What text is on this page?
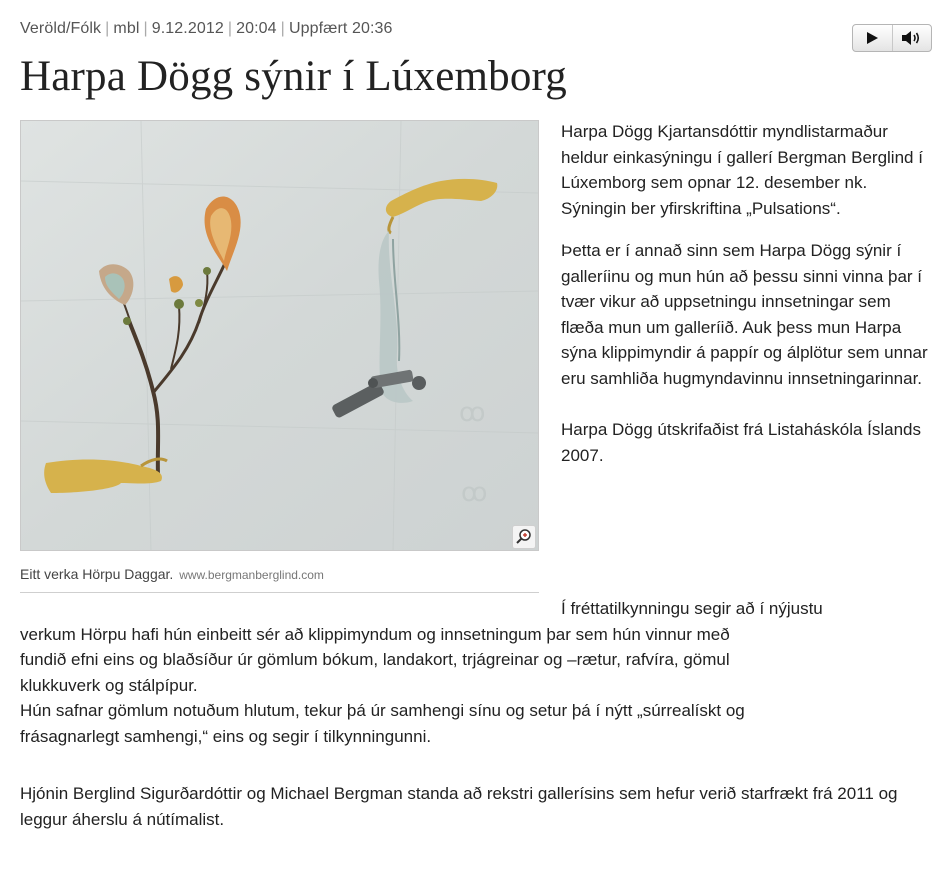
Veröld/Fólk | mbl | 9.12.2012 | 20:04 | Uppfært 20:36
Harpa Dögg sýnir í Lúxemborg
ꝏ
ꝏ
Eitt verka Hörpu Daggar. www.bergmanberglind.com

Harpa Dögg Kjartansdóttir myndlistarmaður heldur einkasýningu í gallerí Bergman Berglind í Lúxemborg sem opnar 12. desember nk. Sýningin ber yfirskriftina „Pulsations“.

Þetta er í annað sinn sem Harpa Dögg sýnir í galleríinu og mun hún að þessu sinni vinna þar í tvær vikur að uppsetningu innsetningar sem flæða mun um galleríið. Auk þess mun Harpa sýna klippimyndir á pappír og álplötur sem unnar eru samhliða hugmyndavinnu innsetningarinnar.

Harpa Dögg útskrifaðist frá Listaháskóla Íslands 2007.

Í fréttatilkynningu segir að í nýjustu
verkum Hörpu hafi hún einbeitt sér að klippimyndum og innsetningum þar sem hún vinnur með
fundið efni eins og blaðsíður úr gömlum bókum, landakort, trjágreinar og –rætur, rafvíra, gömul
klukkuverk og stálpípur.
Hún safnar gömlum notuðum hlutum, tekur þá úr samhengi sínu og setur þá í nýtt „súrrealískt og
frásagnarlegt samhengi,“ eins og segir í tilkynningunni.

Hjónin Berglind Sigurðardóttir og Michael Bergman standa að rekstri gallerísins sem hefur verið starfrækt frá 2011 og leggur áherslu á nútímalist.
